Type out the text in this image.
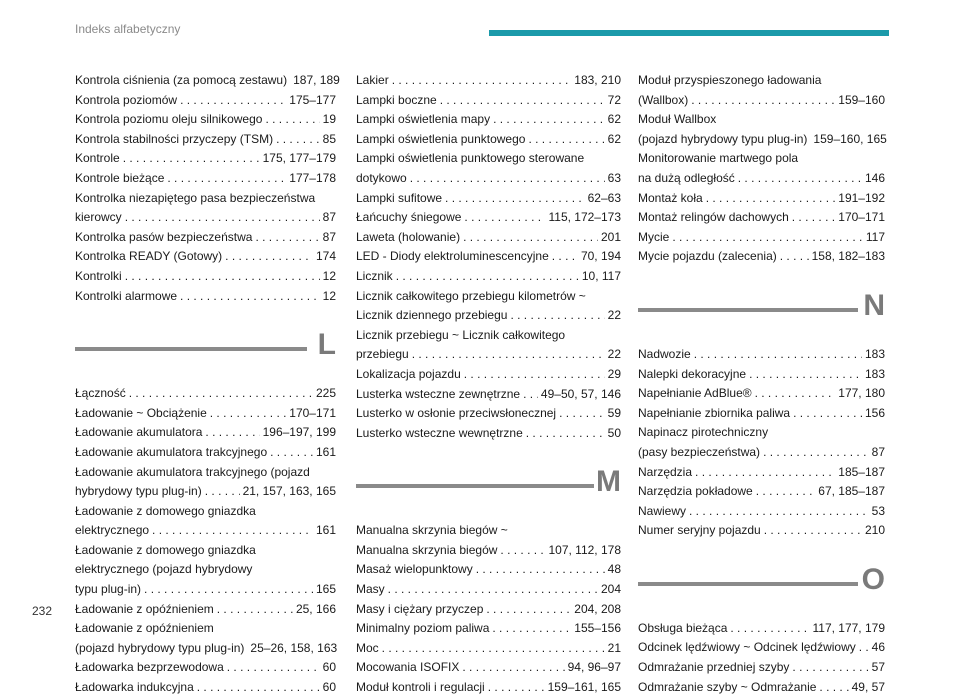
Indeks alfabetyczny
Kontrola ciśnienia (za pomocą zestawu) 187, 189
Kontrola poziomów . . .	175–177
Kontrola poziomu oleju silnikowego . . .	19
Kontrola stabilności przyczepy (TSM) . . .	85
Kontrole . . .	175, 177–179
Kontrole bieżące . . .	177–178
Kontrolka niezapiętego pasa bezpieczeństwa
kierowcy . . .	87
Kontrolka pasów bezpieczeństwa . . .	87
Kontrolka READY (Gotowy) . . .	174
Kontrolki . . .	12
Kontrolki alarmowe . . .	12
L
Łączność . . .	225
Ładowanie ~ Obciążenie . . .	170–171
Ładowanie akumulatora . . .	196–197, 199
Ładowanie akumulatora trakcyjnego . . .	161
Ładowanie akumulatora trakcyjnego (pojazd
hybrydowy typu plug-in) . . .	21, 157, 163, 165
Ładowanie z domowego gniazdka
elektrycznego . . .	161
Ładowanie z domowego gniazdka
elektrycznego (pojazd hybrydowy
typu plug-in) . . .	165
Ładowanie z opóźnieniem . . .	25, 166
Ładowanie z opóźnieniem
(pojazd hybrydowy typu plug-in) 25–26, 158, 163
Ładowarka bezprzewodowa . . .	60
Ładowarka indukcyjna . . .	60
Lakier . . .	183, 210
Lampki boczne . . .	72
Lampki oświetlenia mapy . . .	62
Lampki oświetlenia punktowego . . .	62
Lampki oświetlenia punktowego sterowane
dotykowo . . .	63
Lampki sufitowe . . .	62–63
Łańcuchy śniegowe . . .	115, 172–173
Laweta (holowanie) . . .	201
LED - Diody elektroluminescencyjne . . .	70, 194
Licznik . . .	10, 117
Licznik całkowitego przebiegu kilometrów ~
Licznik dziennego przebiegu . . .	22
Licznik przebiegu ~ Licznik całkowitego
przebiegu . . .	22
Lokalizacja pojazdu . . .	29
Lusterka wsteczne zewnętrzne . . . 49–50, 57, 146
Lusterko w osłonie przeciwsłonecznej . . .	59
Lusterko wsteczne wewnętrzne . . .	50
M
Manualna skrzynia biegów ~
Manualna skrzynia biegów . . .	107, 112, 178
Masaż wielopunktowy . . .	48
Masy . . .	204
Masy i ciężary przyczep . . .	204, 208
Minimalny poziom paliwa . . .	155–156
Moc . . .	21
Mocowania ISOFIX . . .	94, 96–97
Moduł kontroli i regulacji . . .	159–161, 165
Moduł przyspieszonego ładowania
(Wallbox) . . .	159–160
Moduł Wallbox
(pojazd hybrydowy typu plug-in) 159–160, 165
Monitorowanie martwego pola
na dużą odległość . . .	146
Montaż koła . . .	191–192
Montaż relingów dachowych . . .	170–171
Mycie . . .	117
Mycie pojazdu (zalecenia) . . .	158, 182–183
N
Nadwozie . . .	183
Nalepki dekoracyjne . . .	183
Napełnianie AdBlue® . . .	177, 180
Napełnianie zbiornika paliwa . . .	156
Napinacz pirotechniczny
(pasy bezpieczeństwa) . . .	87
Narzędzia . . .	185–187
Narzędzia pokładowe . . .	67, 185–187
Nawiewy . . .	53
Numer seryjny pojazdu . . .	210
O
Obsługa bieżąca . . .	117, 177, 179
Odcinek lędźwiowy ~ Odcinek lędźwiowy . . . 46
Odmrażanie przedniej szyby . . .	57
Odmrażanie szyby ~ Odmrażanie . . .	49, 57
232
